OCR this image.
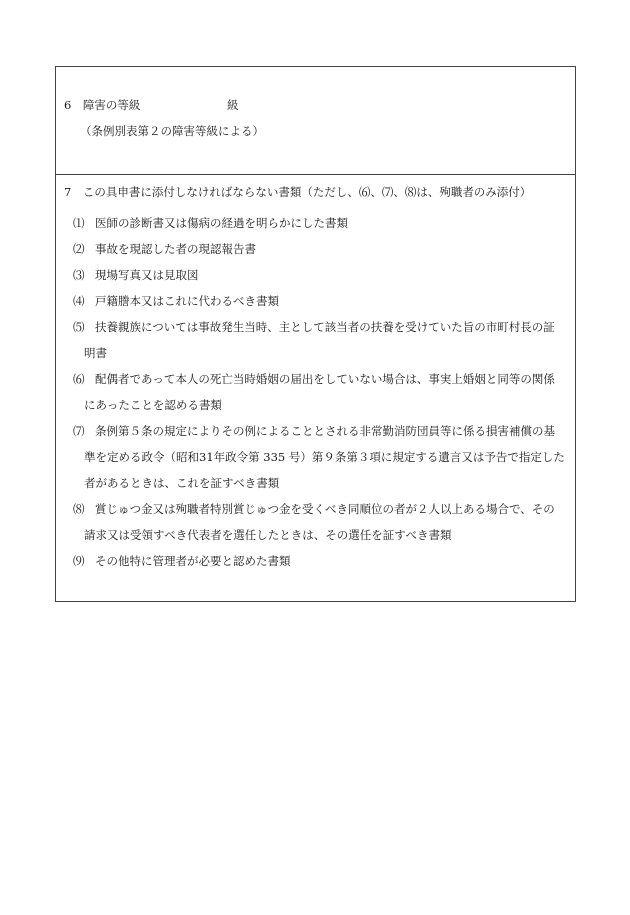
6　障害の等級	級
（条例別表第２の障害等級による）
7　この具申書に添付しなければならない書類（ただし、⑹、⑺、⑻は、殉職者のみ添付）
⑴ 医師の診断書又は傷病の経過を明らかにした書類
⑵ 事故を現認した者の現認報告書
⑶ 現場写真又は見取図
⑷ 戸籍謄本又はこれに代わるべき書類
⑸ 扶養親族については事故発生当時、主として該当者の扶養を受けていた旨の市町村長の証
明書
⑹ 配偶者であって本人の死亡当時婚姻の届出をしていない場合は、事実上婚姻と同等の関係
にあったことを認める書類
⑺ 条例第５条の規定によりその例によることとされる非常勤消防団員等に係る損害補償の基
準を定める政令（昭和31年政令第 335 号）第９条第３項に規定する遺言又は予告で指定した
者があるときは、これを証すべき書類
⑻ 賞じゅつ金又は殉職者特別賞じゅつ金を受くべき同順位の者が２人以上ある場合で、その
請求又は受領すべき代表者を選任したときは、その選任を証すべき書類
⑼ その他特に管理者が必要と認めた書類
